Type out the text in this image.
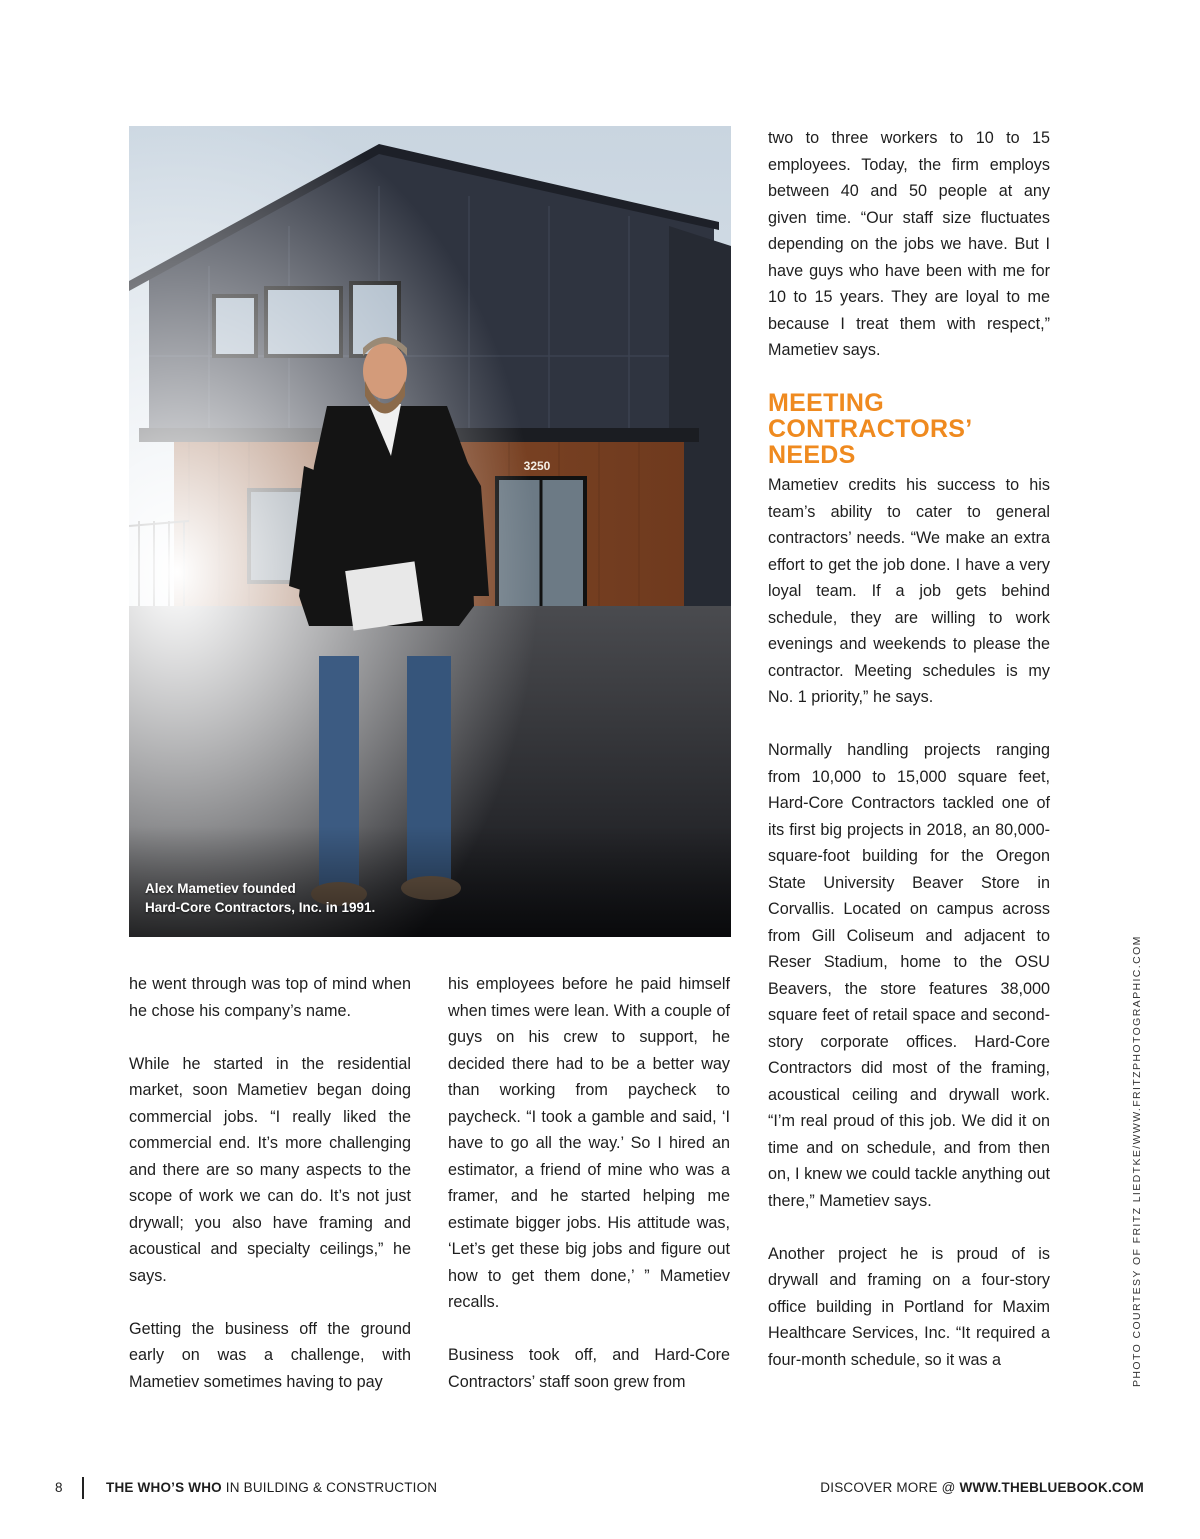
Alex Mametiev founded
Hard-Core Contractors, Inc. in 1991.

he went through was top of mind when he chose his company’s name.

While he started in the residential market, soon Mametiev began doing commercial jobs. “I really liked the commercial end. It’s more challenging and there are so many aspects to the scope of work we can do. It’s not just drywall; you also have framing and acoustical and specialty ceilings,” he says.

Getting the business off the ground early on was a challenge, with Mametiev sometimes having to pay

his employees before he paid himself when times were lean. With a couple of guys on his crew to support, he decided there had to be a better way than working from paycheck to paycheck. “I took a gamble and said, ‘I have to go all the way.’ So I hired an estimator, a friend of mine who was a framer, and he started helping me estimate bigger jobs. His attitude was, ‘Let’s get these big jobs and figure out how to get them done,’ ” Mametiev recalls.

Business took off, and Hard-Core Contractors’ staff soon grew from

two to three workers to 10 to 15 employees. Today, the firm employs between 40 and 50 people at any given time. “Our staff size fluctuates depending on the jobs we have. But I have guys who have been with me for 10 to 15 years. They are loyal to me because I treat them with respect,” Mametiev says.

MEETING
CONTRACTORS’
NEEDS

Mametiev credits his success to his team’s ability to cater to general contractors’ needs. “We make an extra effort to get the job done. I have a very loyal team. If a job gets behind schedule, they are willing to work evenings and weekends to please the contractor. Meeting schedules is my No. 1 priority,” he says.

Normally handling projects ranging from 10,000 to 15,000 square feet, Hard-Core Contractors tackled one of its first big projects in 2018, an 80,000-square-foot building for the Oregon State University Beaver Store in Corvallis. Located on campus across from Gill Coliseum and adjacent to Reser Stadium, home to the OSU Beavers, the store features 38,000 square feet of retail space and second-story corporate offices. Hard-Core Contractors did most of the framing, acoustical ceiling and drywall work. “I’m real proud of this job. We did it on time and on schedule, and from then on, I knew we could tackle anything out there,” Mametiev says.

Another project he is proud of is drywall and framing on a four-story office building in Portland for Maxim Healthcare Services, Inc. “It required a four-month schedule, so it was a	PHOTO COURTESY OF FRITZ LIEDTKE/WWW.FRITZPHOTOGRAPHIC.COM
8	THE WHO’S WHO IN BUILDING & CONSTRUCTION	DISCOVER MORE @ WWW.THEBLUEBOOK.COM
